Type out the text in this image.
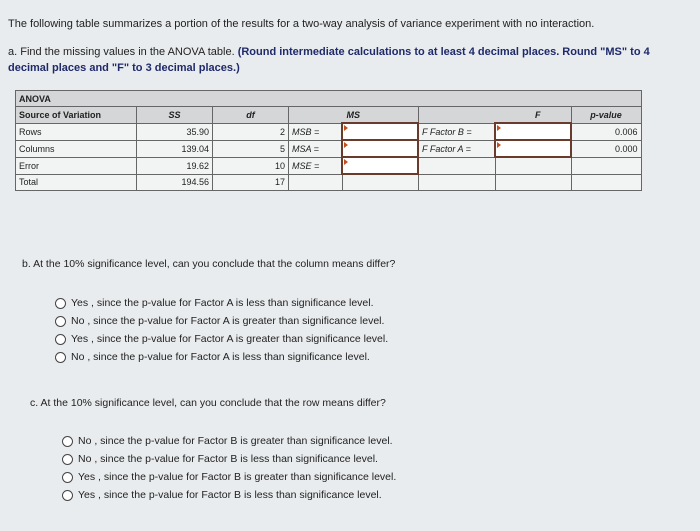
The following table summarizes a portion of the results for a two-way analysis of variance experiment with no interaction.
a. Find the missing values in the ANOVA table. (Round intermediate calculations to at least 4 decimal places. Round "MS" to 4 decimal places and "F" to 3 decimal places.)
ANOVA							
Source of Variation	SS	df	MS		F		p-value
Rows	35.90	2	MSB =		F Factor B =		0.006
Columns	139.04	5	MSA =		F Factor A =		0.000
Error	19.62	10	MSE =				
Total	194.56	17					
b. At the 10% significance level, can you conclude that the column means differ?
Yes , since the p-value for Factor A is less than significance level.
No , since the p-value for Factor A is greater than significance level.
Yes , since the p-value for Factor A is greater than significance level.
No , since the p-value for Factor A is less than significance level.
c. At the 10% significance level, can you conclude that the row means differ?
No , since the p-value for Factor B is greater than significance level.
No , since the p-value for Factor B is less than significance level.
Yes , since the p-value for Factor B is greater than significance level.
Yes , since the p-value for Factor B is less than significance level.
